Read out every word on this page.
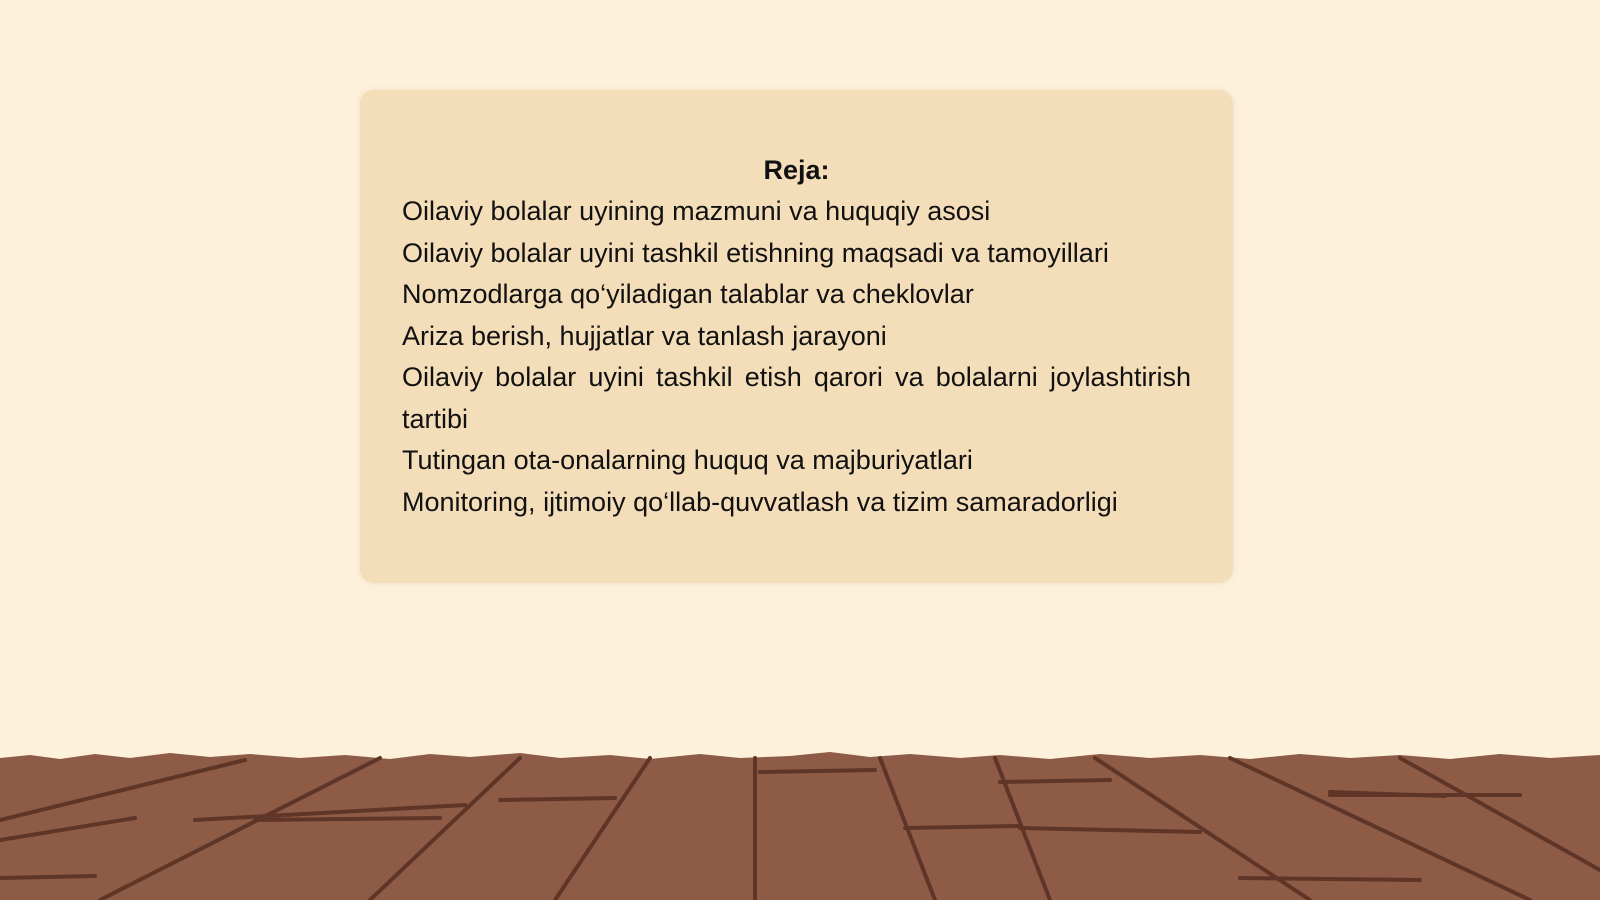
Reja:
Oilaviy bolalar uyining mazmuni va huquqiy asosi
Oilaviy bolalar uyini tashkil etishning maqsadi va tamoyillari
Nomzodlarga qo‘yiladigan talablar va cheklovlar
Ariza berish, hujjatlar va tanlash jarayoni
Oilaviy bolalar uyini tashkil etish qarori va bolalarni joylashtirish tartibi
Tutingan ota-onalarning huquq va majburiyatlari
Monitoring, ijtimoiy qo‘llab-quvvatlash va tizim samaradorligi
